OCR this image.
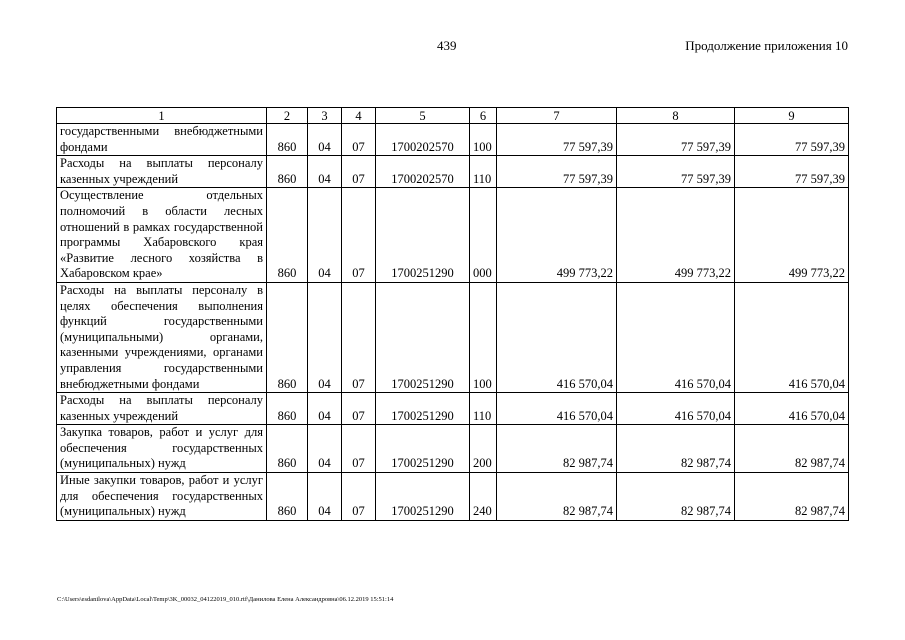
439	Продолжение приложения 10
1	2	3	4	5	6	7	8	9
государственными внебюджетными фондами	860	04	07	1700202570	100	77 597,39	77 597,39	77 597,39
Расходы на выплаты персоналу казенных учреждений	860	04	07	1700202570	110	77 597,39	77 597,39	77 597,39
Осуществление отдельных полномочий в области лесных отношений в рамках государственной программы Хабаровского края «Развитие лесного хозяйства в Хабаровском крае»	860	04	07	1700251290	000	499 773,22	499 773,22	499 773,22
Расходы на выплаты персоналу в целях обеспечения выполнения функций государственными (муниципальными) органами, казенными учреждениями, органами управления государственными внебюджетными фондами	860	04	07	1700251290	100	416 570,04	416 570,04	416 570,04
Расходы на выплаты персоналу казенных учреждений	860	04	07	1700251290	110	416 570,04	416 570,04	416 570,04
Закупка товаров, работ и услуг для обеспечения государственных (муниципальных) нужд	860	04	07	1700251290	200	82 987,74	82 987,74	82 987,74
Иные закупки товаров, работ и услуг для обеспечения государственных (муниципальных) нужд	860	04	07	1700251290	240	82 987,74	82 987,74	82 987,74
C:\Users\esdanilova\AppData\Local\Temp\3K_00032_04122019_010.rtf\Данилова Елена Александровна\06.12.2019 15:51:14
